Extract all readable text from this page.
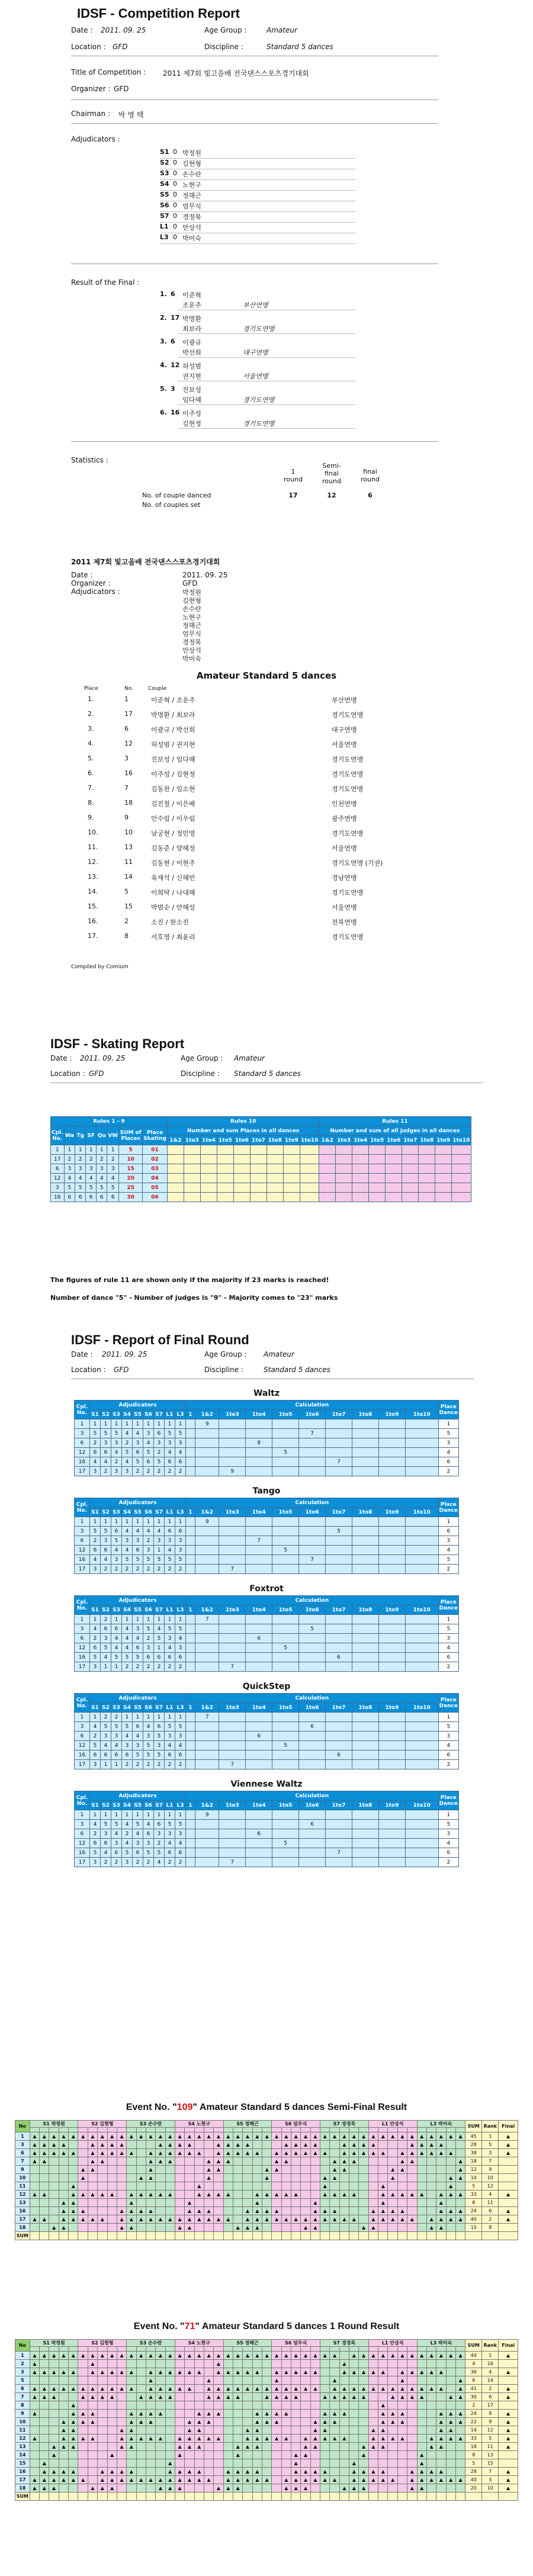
IDSF - Competition Report
Date : 2011. 09. 25	Age Group :	Amateur
Location : GFD	Discipline :	Standard 5 dances
Title of Competition : 2011 제7회 빛고을배 전국댄스스포츠경기대회
Organizer : GFD
Chairman : 박 영 택
Adjudicators :
S1 0 박정원
S2 0 김현형
S3 0 손수란
S4 0 노현구
S5 0 정해근
S6 0 엄무식
S7 0 경정묵
L1 0 안상석
L3 0 박미숙
Result of the Final :
1. 6 이준혁
조운주	부산연맹
2. 17 박명환
최보라	경기도연맹
3. 6 이광규
박선희	대구연맹
4. 12 허성범
권지현	서울연맹
5. 3 진보성
임다혜	경기도연맹
6. 16 이주성
김현정	경기도연맹
Statistics :
1 round
Semi-final round
final round
No. of couple danced	17	12	6
No. of couples set
2011 제7회 빛고을배 전국댄스스포츠경기대회
Date :	2011. 09. 25
Organizer :	GFD
Adjudicators :	박정원
김현형
손수란
노현구
정해근
엄무식
경정묵
안상석
박미숙
Amateur Standard 5 dances
Place	No.	Couple
1.	1	이준혁 / 조운주	부산연맹
2.	17	박명환 / 최보라	경기도연맹
3.	6	이광규 / 박선희	대구연맹
4.	12	허성범 / 권지현	서울연맹
5.	3	진보성 / 임다혜	경기도연맹
6.	16	이주성 / 김현정	경기도연맹
7.	7	김동찬 / 임소현	경기도연맹
8.	18	김진철 / 이은배	인천연맹
9.	9	안수림 / 이우림	광주연맹
10.	10	남궁현 / 정민영	경기도연맹
11.	13	김동준 / 양혜정	서울연맹
12.	11	김동현 / 이현주	경기도연맹 (기권)
13.	14	육재석 / 신혜빈	경남연맹
14.	5	이희탁 / 나대혜	경기도연맹
15.	15	박범순 / 안혜성	서울연맹
16.	2	소진 / 한소진	전북연맹
17.	8	서호영 / 최윤리	경기도연맹
Compiled by Comium
IDSF - Skating Report
Date : 2011. 09. 25	Age Group : Amateur
Location : GFD	Discipline : Standard 5 dances
Rules 1 - 9								Rules 10									Rules 11								
Cpl. No.	Wa	Tg	SF	Qu	VW	SUM of Places	Place Skating	Number and sum Places in all dances									Number and sum of all judges in all dances								
								1&2	1to3	1to4	1to5	1to6	1to7	1to8	1to9	1to10	1&2	1to3	1to4	1to5	1to6	1to7	1to8	1to9	1to10
1	1	1	1	1	1	5	01																		
17	2	2	2	2	2	10	02																		
6	3	3	3	3	3	15	03																		
12	4	4	4	4	4	20	04																		
3	5	5	5	5	5	25	05																		
16	6	6	6	6	6	30	06																		
The figures of rule 11 are shown only if the majority if 23 marks is reached!
Number of dance "5" - Number of judges is "9" - Majority comes to "23" marks
IDSF - Report of Final Round
Date : 2011. 09. 25	Age Group : Amateur
Location : GFD	Discipline :	Standard 5 dances
Waltz
Cpl. No.	Adjudicators									Calculation										Place Dance
	S1	S2	S3	S4	S5	S6	S7	L1	L3	1	1&2	1to3	1to4	1to5	1to6	1to7	1to8	1to9	1to10	
1	1	1	1	1	1	1	1	1	1		9									1
3	5	5	5	4	4	3	6	5	5						7					5
6	2	3	3	2	3	4	3	3	3				8							3
12	6	6	4	5	6	5	2	4	4					5						4
16	4	4	2	4	5	6	5	6	6							7				6
17	3	2	3	3	2	2	2	2	2			9								2
Tango
Cpl. No.	Adjudicators									Calculation										Place Dance
	S1	S2	S3	S4	S5	S6	S7	L1	L3	1	1&2	1to3	1to4	1to5	1to6	1to7	1to8	1to9	1to10	
1	1	1	1	1	1	1	1	1	1		9									1
3	5	5	6	4	4	4	4	6	6							5				6
6	2	3	5	3	3	2	3	3	3				7							3
12	6	6	4	4	6	3	1	4	3					5						4
16	4	4	3	5	5	5	5	5	5						7					5
17	3	2	2	2	2	2	2	2	2			7								2
Foxtrot
Cpl. No.	Adjudicators									Calculation										Place Dance
	S1	S2	S3	S4	S5	S6	S7	L1	L3	1	1&2	1to3	1to4	1to5	1to6	1to7	1to8	1to9	1to10	
1	1	2	1	1	1	1	1	1	1		7									1
3	4	6	6	4	3	5	4	5	5						5					5
6	2	3	4	4	4	2	5	3	4				6							3
12	6	5	4	4	6	3	1	4	3					5						4
16	5	4	5	5	5	6	6	6	6							6				6
17	3	1	1	2	2	2	2	2	2			7								2
QuickStep
Cpl. No.	Adjudicators									Calculation										Place Dance
	S1	S2	S3	S4	S5	S6	S7	L1	L3	1	1&2	1to3	1to4	1to5	1to6	1to7	1to8	1to9	1to10	
1	1	2	2	1	1	1	1	1	1		7									1
3	4	5	5	5	6	4	6	5	5						6					5
6	2	3	3	4	4	3	5	3	3				6							3
12	5	4	4	3	3	5	3	4	4					5						4
16	6	6	6	6	5	5	5	6	6							6				6
17	3	1	1	2	2	2	2	2	2			7								2
Viennese Waltz
Cpl. No.	Adjudicators									Calculation										Place Dance
	S1	S2	S3	S4	S5	S6	S7	L1	L3	1	1&2	1to3	1to4	1to5	1to6	1to7	1to8	1to9	1to10	
1	1	1	1	1	1	1	1	1	1		9									1
3	4	5	5	4	5	4	6	5	5						6					5
6	2	3	4	2	4	6	3	3	3				6							3
12	6	6	3	4	3	3	2	4	4					5						4
16	5	4	6	5	6	5	5	6	6							7				6
17	3	2	2	3	2	2	4	2	2			7								2
Event No. "109" Amateur Standard 5 dances Semi-Final Result
No	S1 박정원					S2 김현형					S3 손수란					S4 노현구					S5 정해근					S6 엄무식					S7 경정묵					L1 안상석					L3 박미숙					SUM	Rank	Final

1	▲	▲	▲	▲	▲	▲	▲	▲	▲	▲	▲	▲	▲	▲	▲	▲	▲	▲	▲	▲	▲	▲	▲	▲	▲	▲	▲	▲	▲	▲	▲	▲	▲	▲	▲	▲	▲	▲	▲	▲	▲	▲	▲	▲	▲	45	1	▲
3	▲	▲	▲	▲			▲	▲	▲	▲				▲	▲	▲	▲			▲	▲	▲	▲				▲	▲	▲	▲			▲	▲	▲	▲				▲	▲	▲	▲			28	5	▲
6	▲	▲	▲	▲	▲		▲	▲	▲	▲	▲		▲	▲	▲	▲	▲	▲		▲	▲	▲	▲	▲		▲	▲	▲	▲	▲	▲		▲	▲	▲	▲	▲		▲	▲	▲	▲	▲	▲		38	3	▲
7	▲	▲					▲	▲					▲	▲	▲				▲	▲	▲					▲	▲					▲	▲	▲					▲	▲					▲	18	7	
9						▲	▲						▲						▲	▲					▲	▲						▲	▲					▲	▲						▲	12	9	
10						▲						▲	▲						▲						▲						▲	▲						▲						▲	▲	10	10	
11					▲													▲													▲						▲							▲		5	12	
12	▲	▲			▲	▲	▲	▲	▲		▲	▲	▲	▲	▲			▲	▲	▲	▲			▲	▲	▲	▲	▲			▲	▲	▲	▲			▲	▲	▲	▲	▲		▲	▲	▲	33	4	▲
13				▲	▲						▲						▲							▲						▲							▲						▲			8	11	
16				▲	▲	▲				▲	▲	▲	▲				▲	▲	▲				▲	▲	▲	▲				▲	▲	▲				▲	▲	▲	▲				▲	▲	▲	24	6	▲
17	▲	▲		▲	▲	▲	▲	▲		▲	▲	▲	▲	▲	▲	▲	▲	▲	▲	▲	▲		▲	▲	▲	▲	▲	▲	▲	▲	▲	▲	▲	▲		▲	▲	▲	▲	▲		▲	▲	▲	▲	40	2	▲
18			▲	▲						▲	▲					▲	▲					▲	▲	▲					▲	▲					▲	▲						▲	▲			15	8	
SUM																																																
Event No. "71" Amateur Standard 5 dances 1 Round Result
No	S1 박정원					S2 김현형					S3 손수란					S4 노현구					S5 정해근					S6 엄무식					S7 경정묵					L1 안상석					L3 박미숙					SUM	Rank	Final

1	▲	▲	▲	▲	▲	▲	▲	▲	▲	▲	▲	▲	▲	▲	▲	▲	▲	▲	▲	▲	▲	▲	▲	▲	▲	▲	▲	▲	▲	▲	▲	▲		▲	▲	▲	▲	▲	▲	▲	▲	▲	▲	▲	▲	44	1	▲
2	▲						▲													▲													▲													4	16	
3	▲	▲	▲	▲	▲		▲	▲	▲	▲	▲		▲	▲	▲	▲	▲	▲		▲	▲	▲	▲	▲		▲	▲	▲	▲	▲			▲	▲	▲	▲	▲		▲	▲	▲	▲	▲			36	4	▲
5													▲						▲							▲						▲							▲						▲	6	14	
6	▲	▲	▲	▲	▲	▲	▲	▲	▲	▲	▲		▲	▲	▲	▲	▲		▲	▲	▲	▲	▲	▲	▲	▲	▲	▲	▲	▲		▲	▲	▲	▲	▲	▲	▲	▲	▲	▲	▲	▲		▲	41	2	▲
7	▲	▲	▲			▲	▲	▲	▲			▲	▲	▲	▲				▲	▲	▲	▲			▲	▲	▲	▲			▲	▲	▲	▲	▲			▲	▲	▲	▲			▲	▲	30	6	▲
8					▲																																▲									2	17	
9	▲				▲	▲	▲				▲	▲	▲	▲				▲	▲	▲				▲	▲	▲	▲				▲	▲	▲				▲	▲	▲				▲	▲	▲	24	8	▲
10				▲	▲	▲	▲				▲	▲	▲				▲	▲	▲					▲	▲	▲				▲	▲	▲					▲	▲	▲				▲	▲	▲	22	9	▲
11				▲	▲					▲	▲						▲	▲					▲	▲						▲	▲					▲	▲						▲	▲		14	12	▲
12	▲			▲	▲	▲	▲			▲	▲	▲	▲	▲		▲	▲	▲	▲	▲			▲	▲	▲	▲	▲		▲	▲	▲	▲	▲			▲	▲	▲	▲			▲	▲	▲	▲	33	5	▲
13			▲	▲	▲					▲	▲					▲	▲	▲				▲	▲	▲					▲	▲					▲	▲	▲					▲	▲			18	11	▲
14			▲						▲							▲						▲						▲	▲						▲						▲					8	13	
15		▲													▲													▲						▲							▲					5	15	
16		▲	▲	▲	▲			▲	▲	▲	▲				▲	▲	▲	▲			▲	▲	▲	▲				▲	▲	▲	▲			▲	▲	▲	▲			▲	▲	▲	▲			28	7	▲
17	▲	▲	▲	▲	▲	▲		▲	▲	▲	▲	▲	▲	▲	▲	▲	▲	▲	▲		▲	▲	▲	▲	▲		▲	▲	▲	▲	▲	▲		▲	▲	▲	▲	▲		▲	▲	▲	▲	▲	▲	40	3	▲
18	▲	▲	▲				▲	▲	▲					▲	▲	▲				▲	▲	▲					▲	▲	▲				▲	▲	▲					▲	▲					20	10	▲
SUM																																																
